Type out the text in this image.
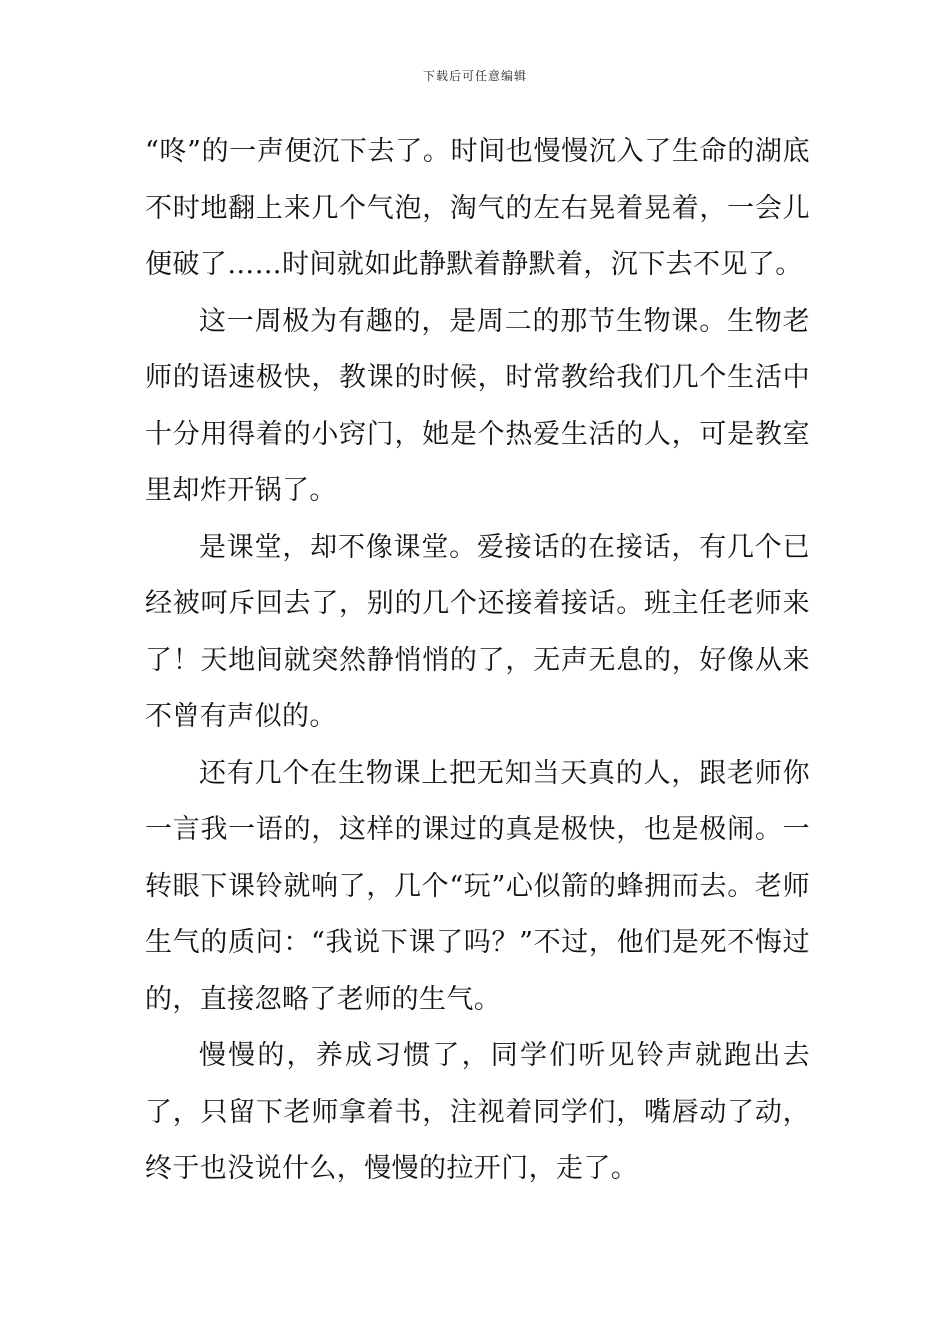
下载后可任意编辑

“咚”的一声便沉下去了。时间也慢慢沉入了生命的湖底不时地翻上来几个气泡，淘气的左右晃着晃着，一会儿便破了……时间就如此静默着静默着，沉下去不见了。

这一周极为有趣的，是周二的那节生物课。生物老师的语速极快，教课的时候，时常教给我们几个生活中十分用得着的小窍门，她是个热爱生活的人，可是教室里却炸开锅了。

是课堂，却不像课堂。爱接话的在接话，有几个已经被呵斥回去了，别的几个还接着接话。班主任老师来了！天地间就突然静悄悄的了，无声无息的，好像从来不曾有声似的。

还有几个在生物课上把无知当天真的人，跟老师你一言我一语的，这样的课过的真是极快，也是极闹。一转眼下课铃就响了，几个“玩”心似箭的蜂拥而去。老师生气的质问：“我说下课了吗？”不过，他们是死不悔过的，直接忽略了老师的生气。

慢慢的，养成习惯了，同学们听见铃声就跑出去了，只留下老师拿着书，注视着同学们，嘴唇动了动，终于也没说什么，慢慢的拉开门，走了。
